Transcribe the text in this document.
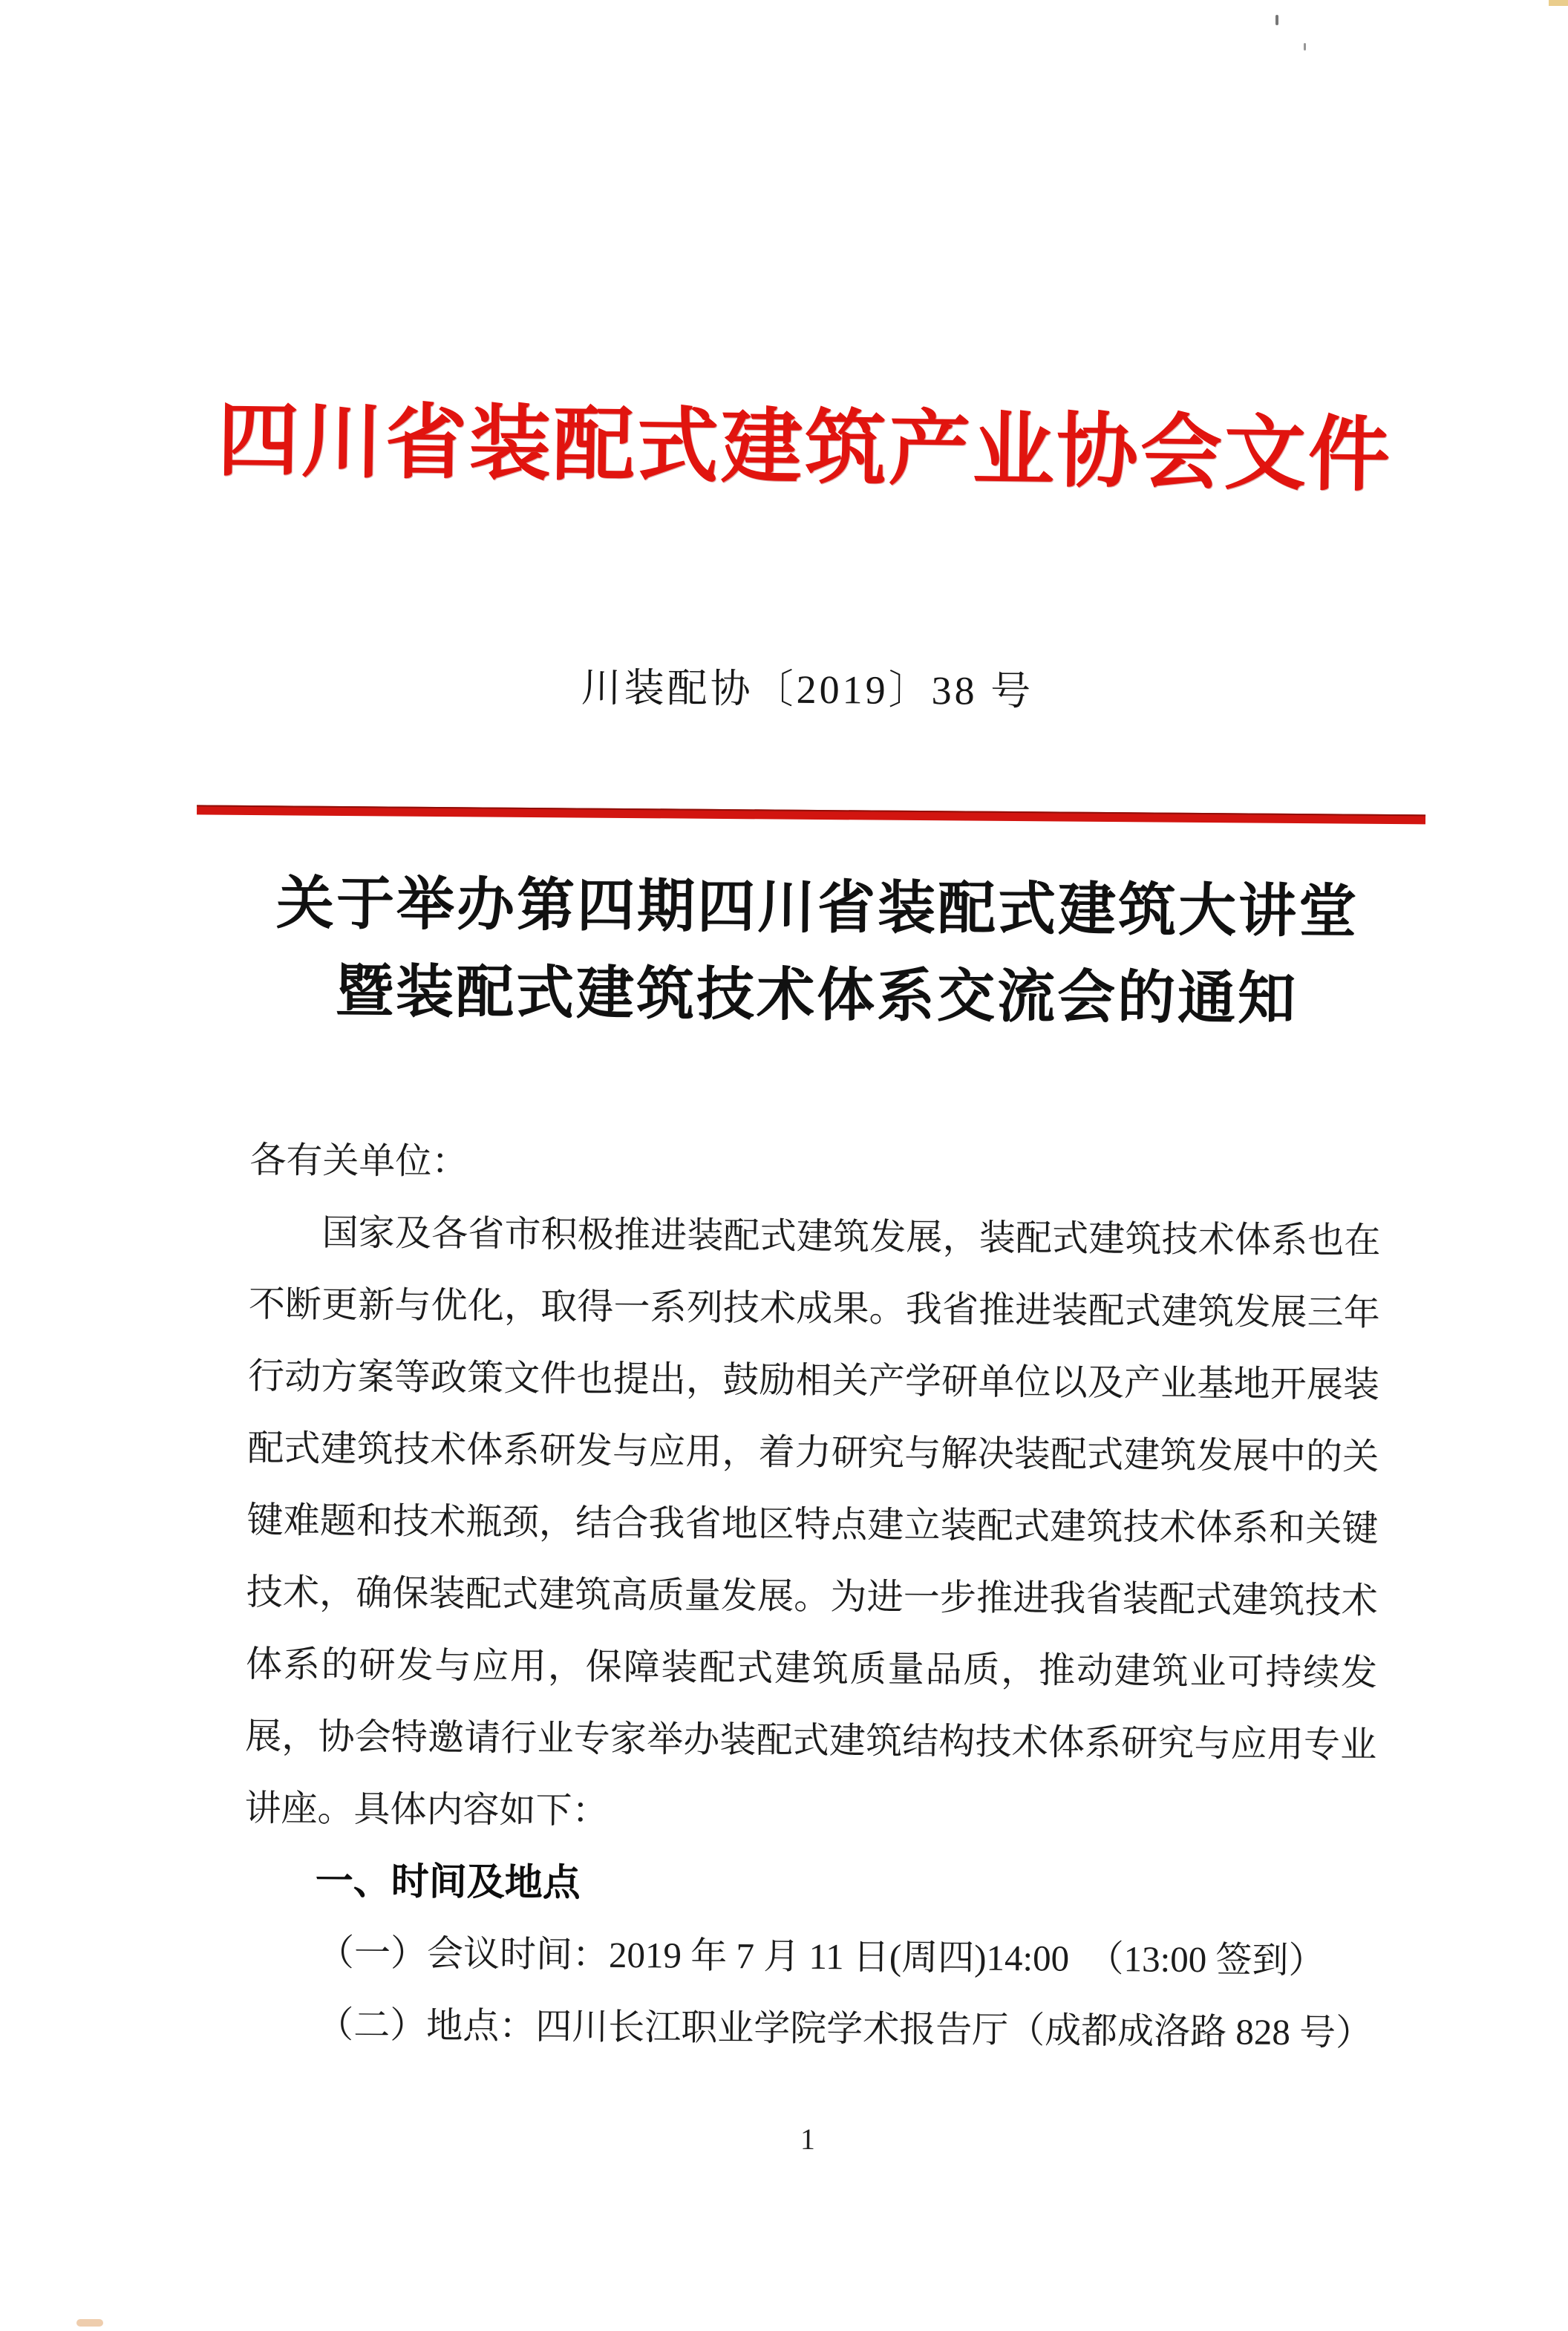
四川省装配式建筑产业协会文件
川装配协〔2019〕38 号
关于举办第四期四川省装配式建筑大讲堂
暨装配式建筑技术体系交流会的通知
各有关单位：
国家及各省市积极推进装配式建筑发展，装配式建筑技术体系也在不断更新与优化，取得一系列技术成果。我省推进装配式建筑发展三年行动方案等政策文件也提出，鼓励相关产学研单位以及产业基地开展装配式建筑技术体系研发与应用，着力研究与解决装配式建筑发展中的关键难题和技术瓶颈，结合我省地区特点建立装配式建筑技术体系和关键技术，确保装配式建筑高质量发展。为进一步推进我省装配式建筑技术体系的研发与应用，保障装配式建筑质量品质，推动建筑业可持续发展，协会特邀请行业专家举办装配式建筑结构技术体系研究与应用专业讲座。具体内容如下：
一、时间及地点
（一）会议时间：2019 年 7 月 11 日(周四)14:00　（13:00 签到）
（二）地点：四川长江职业学院学术报告厅（成都成洛路 828 号）
1
